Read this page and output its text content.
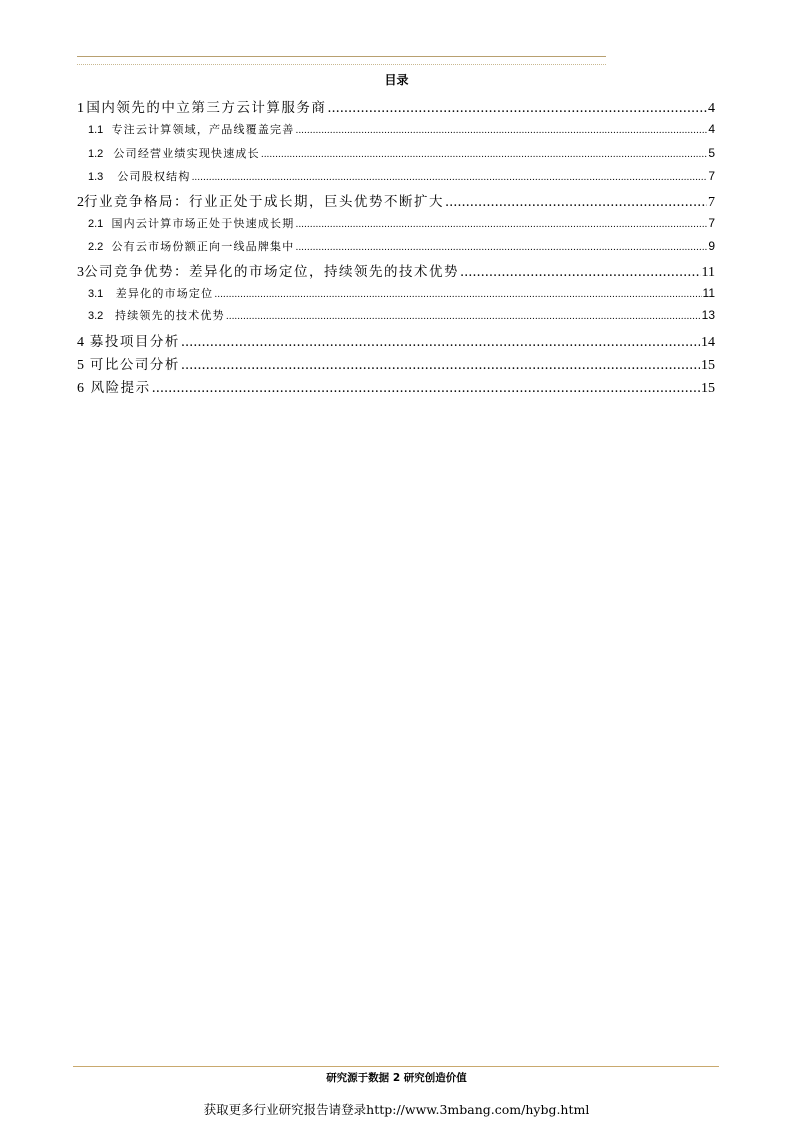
目录
1 国内领先的中立第三方云计算服务商 .....	4
1.1 专注云计算领域，产品线覆盖完善 .....	4
1.2 公司经营业绩实现快速成长 .....	5
1.3	公司股权结构 .....	7
2 行业竞争格局：行业正处于成长期，巨头优势不断扩大 .....	7
2.1 国内云计算市场正处于快速成长期 .....	7
2.2 公有云市场份额正向一线品牌集中 .....	9
3 公司竞争优势：差异化的市场定位，持续领先的技术优势 .....	11
3.1	差异化的市场定位 .....	11
3.2	持续领先的技术优势 .....	13
4 募投项目分析 .....	14
5 可比公司分析 .....	15
6 风险提示 .....	15
研究源于数据 2 研究创造价值
获取更多行业研究报告请登录http://www.3mbang.com/hybg.html
